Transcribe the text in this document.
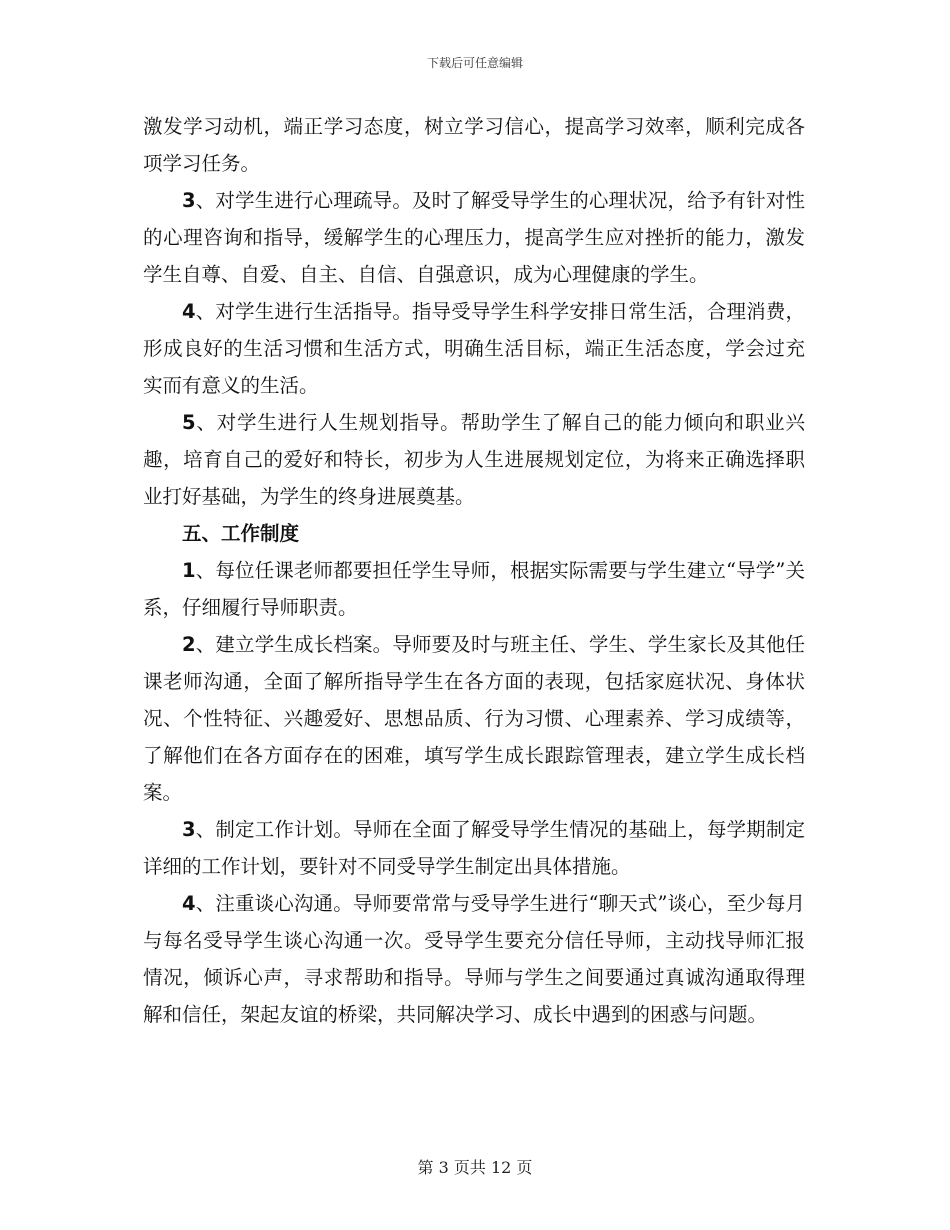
下载后可任意编辑

激发学习动机，端正学习态度，树立学习信心，提高学习效率，顺利完成各项学习任务。

3、对学生进行心理疏导。及时了解受导学生的心理状况，给予有针对性的心理咨询和指导，缓解学生的心理压力，提高学生应对挫折的能力，激发学生自尊、自爱、自主、自信、自强意识，成为心理健康的学生。

4、对学生进行生活指导。指导受导学生科学安排日常生活，合理消费，形成良好的生活习惯和生活方式，明确生活目标，端正生活态度，学会过充实而有意义的生活。

5、对学生进行人生规划指导。帮助学生了解自己的能力倾向和职业兴趣，培育自己的爱好和特长，初步为人生进展规划定位，为将来正确选择职业打好基础，为学生的终身进展奠基。

五、工作制度

1、每位任课老师都要担任学生导师，根据实际需要与学生建立“导学”关系，仔细履行导师职责。

2、建立学生成长档案。导师要及时与班主任、学生、学生家长及其他任课老师沟通，全面了解所指导学生在各方面的表现，包括家庭状况、身体状况、个性特征、兴趣爱好、思想品质、行为习惯、心理素养、学习成绩等，了解他们在各方面存在的困难，填写学生成长跟踪管理表，建立学生成长档案。

3、制定工作计划。导师在全面了解受导学生情况的基础上，每学期制定详细的工作计划，要针对不同受导学生制定出具体措施。

4、注重谈心沟通。导师要常常与受导学生进行“聊天式”谈心，至少每月与每名受导学生谈心沟通一次。受导学生要充分信任导师，主动找导师汇报情况，倾诉心声，寻求帮助和指导。导师与学生之间要通过真诚沟通取得理解和信任，架起友谊的桥梁，共同解决学习、成长中遇到的困惑与问题。

第 3 页共 12 页
